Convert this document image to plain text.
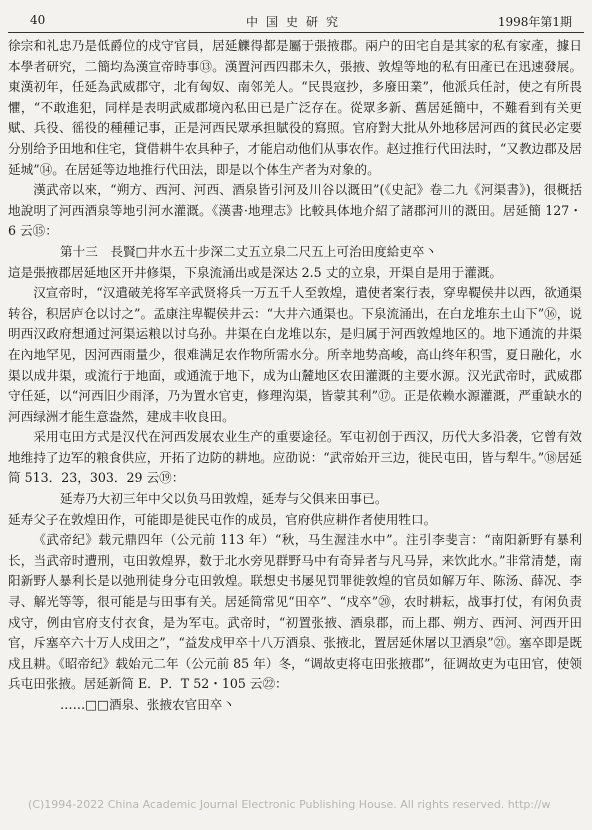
40	中国史研究	1998年第1期

徐宗和礼忠乃是低爵位的戍守官員，居延觻得都是屬于張掖郡。兩户的田宅自是其家的私有家產，據日本學者研究，二簡均為漢宣帝時事⑬。漢置河西四郡未久，張掖、敦煌等地的私有田產已在迅速發展。東漢初年，任延為武威郡守，北有匈奴、南邻羌人。“民畏寇抄，多廢田業”，他派兵任討，使之有所畏懼，“不敢進犯，同样是表明武威郡境內私田已是广泛存在。從眾多新、舊居延簡中，不難看到有关更赋、兵役、徭役的種種记事，正是河西民眾承担賦役的寫照。官府對大批从外地移居河西的貧民必定要分别给予田地和住宅，貸借耕牛农具种子，才能启动他们从事农作。赵过推行代田法时，“又教边郡及居延城”⑭。在居延等边地推行代田法，即是以个体生产者为对象的。

漢武帝以來，“朔方、西河、河西、酒泉皆引河及川谷以溉田”(《史記》卷二九《河渠書》)，很概括地說明了河西酒泉等地引河水灌溉。《漢書·地理志》比較具体地介紹了諸郡河川的溉田。居延簡 127・6 云⑮：

第十三　長賢□井水五十步深二丈五立泉二尺五上可治田度給吏卒丶

這是張掖郡居延地区开井修渠，下泉流涌出或是深达 2.5 丈的立泉，开渠自是用于灌溉。

汉宣帝时，“汉遣破羌将军辛武贤将兵一万五千人至敦煌，遣使者案行表，穿卑鞮侯井以西，欲通渠转谷，积居庐仓以讨之”。孟康注卑鞮侯井云：“大井六通渠也。下泉流涌出，在白龙堆东土山下”⑯，说明西汉政府想通过河渠运粮以讨乌孙。井渠在白龙堆以东，是归属于河西敦煌地区的。地下通流的井渠在內地罕见，因河西雨量少，很难满足农作物所需水分。所幸地势高峻，高山终年积雪，夏日融化，水渠以成井渠，或流行于地面，或通流于地下，成为山麓地区农田灌溉的主要水源。汉光武帝时，武威郡守任延，以“河西旧少雨泽，乃为置水官吏，修理沟渠，皆蒙其利”⑰。正是依赖水源灌溉，严重缺水的河西绿洲才能生意盎然，建成丰收良田。

采用屯田方式是汉代在河西发展农业生产的重要途径。军屯初创于西汉，历代大多沿袭，它曾有效地维持了边军的粮食供应，开拓了边防的耕地。应劭说：“武帝始开三边，徙民屯田，皆与犁牛。”⑱居延简 513．23，303．29 云⑲：

延寿乃大初三年中父以负马田敦煌，延寿与父俱来田事已。

延寿父子在敦煌田作，可能即是徙民屯作的成员，官府供应耕作者使用牲口。

《武帝纪》载元鼎四年（公元前 113 年）“秋，马生渥洼水中”。注引李斐言：“南阳新野有暴利长，当武帝时遭刑，屯田敦煌界，数于北水旁见群野马中有奇异者与凡马异，来饮此水。”非常清楚，南阳新野人暴利长是以弛刑徒身分屯田敦煌。联想史书屡见罚罪徙敦煌的官员如解万年、陈汤、薛况、李寻、解光等等，很可能是与田事有关。居延简常见“田卒”、“戍卒”⑳，农时耕耘，战事打仗，有闲负责戍守，例由官府支付衣食，是为军屯。武帝时，“初置张掖、酒泉郡，而上郡、朔方、西河、河西开田官，斥塞卒六十万人戍田之”，“益发戍甲卒十八万酒泉、张掖北，置居延休屠以卫酒泉”㉑。塞卒即是既戍且耕。《昭帝纪》载始元二年（公元前 85 年）冬，“调故吏将屯田张掖郡”，征调故吏为屯田官，使领兵屯田张掖。居延新简 E．P．T 52・105 云㉒：

……□□酒泉、张掖农官田卒丶

(C)1994-2022 China Academic Journal Electronic Publishing House. All rights reserved. http://w
